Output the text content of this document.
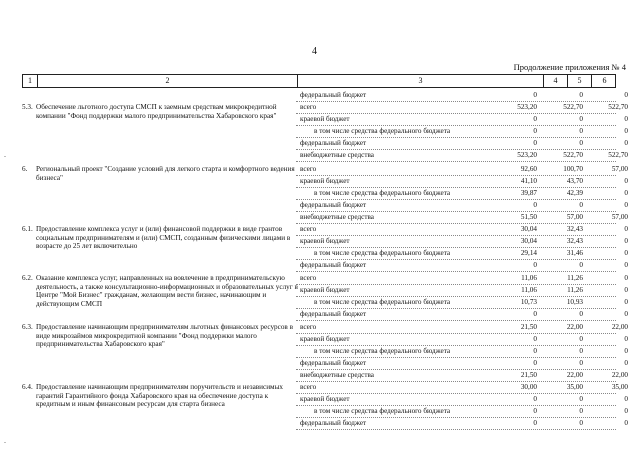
4
Продолжение приложения № 4
1	2	3	4	5	6
федеральный бюджет	0	0	0
5.3. Обеспечение льготного доступа СМСП к заемным средствам микрокредитной компании "Фонд поддержки малого предпринимательства Хабаровского края"
всего	523,20	522,70	522,70
краевой бюджет	0	0	0
в том числе средства федерального бюджета	0	0	0
федеральный бюджет	0	0	0
внебюджетные средства	523,20	522,70	522,70
6. Региональный проект "Создание условий для легкого старта и комфортного ведения бизнеса"
всего	92,60	100,70	57,00
краевой бюджет	41,10	43,70	0
в том числе средства федерального бюджета	39,87	42,39	0
федеральный бюджет	0	0	0
внебюджетные средства	51,50	57,00	57,00
6.1. Предоставление комплекса услуг и (или) финансовой поддержки в виде грантов социальным предпринимателям и (или) СМСП, созданным физическими лицами в возрасте до 25 лет включительно
всего	30,04	32,43	0
краевой бюджет	30,04	32,43	0
в том числе средства федерального бюджета	29,14	31,46	0
федеральный бюджет	0	0	0
6.2. Оказание комплекса услуг, направленных на вовлечение в предпринимательскую деятельность, а также консультационно-информационных и образовательных услуг в Центре "Мой Бизнес" гражданам, желающим вести бизнес, начинающим и действующим СМСП
всего	11,06	11,26	0
краевой бюджет	11,06	11,26	0
в том числе средства федерального бюджета	10,73	10,93	0
федеральный бюджет	0	0	0
6.3. Предоставление начинающим предпринимателям льготных финансовых ресурсов в виде микрозаймов микрокредитной компании "Фонд поддержки малого предпринимательства Хабаровского края"
всего	21,50	22,00	22,00
краевой бюджет	0	0	0
в том числе средства федерального бюджета	0	0	0
федеральный бюджет	0	0	0
внебюджетные средства	21,50	22,00	22,00
6.4. Предоставление начинающим предпринимателям поручительств и независимых гарантий Гарантийного фонда Хабаровского края на обеспечение доступа к кредитным и иным финансовым ресурсам для старта бизнеса
всего	30,00	35,00	35,00
краевой бюджет	0	0	0
в том числе средства федерального бюджета	0	0	0
федеральный бюджет	0	0	0
.
.
